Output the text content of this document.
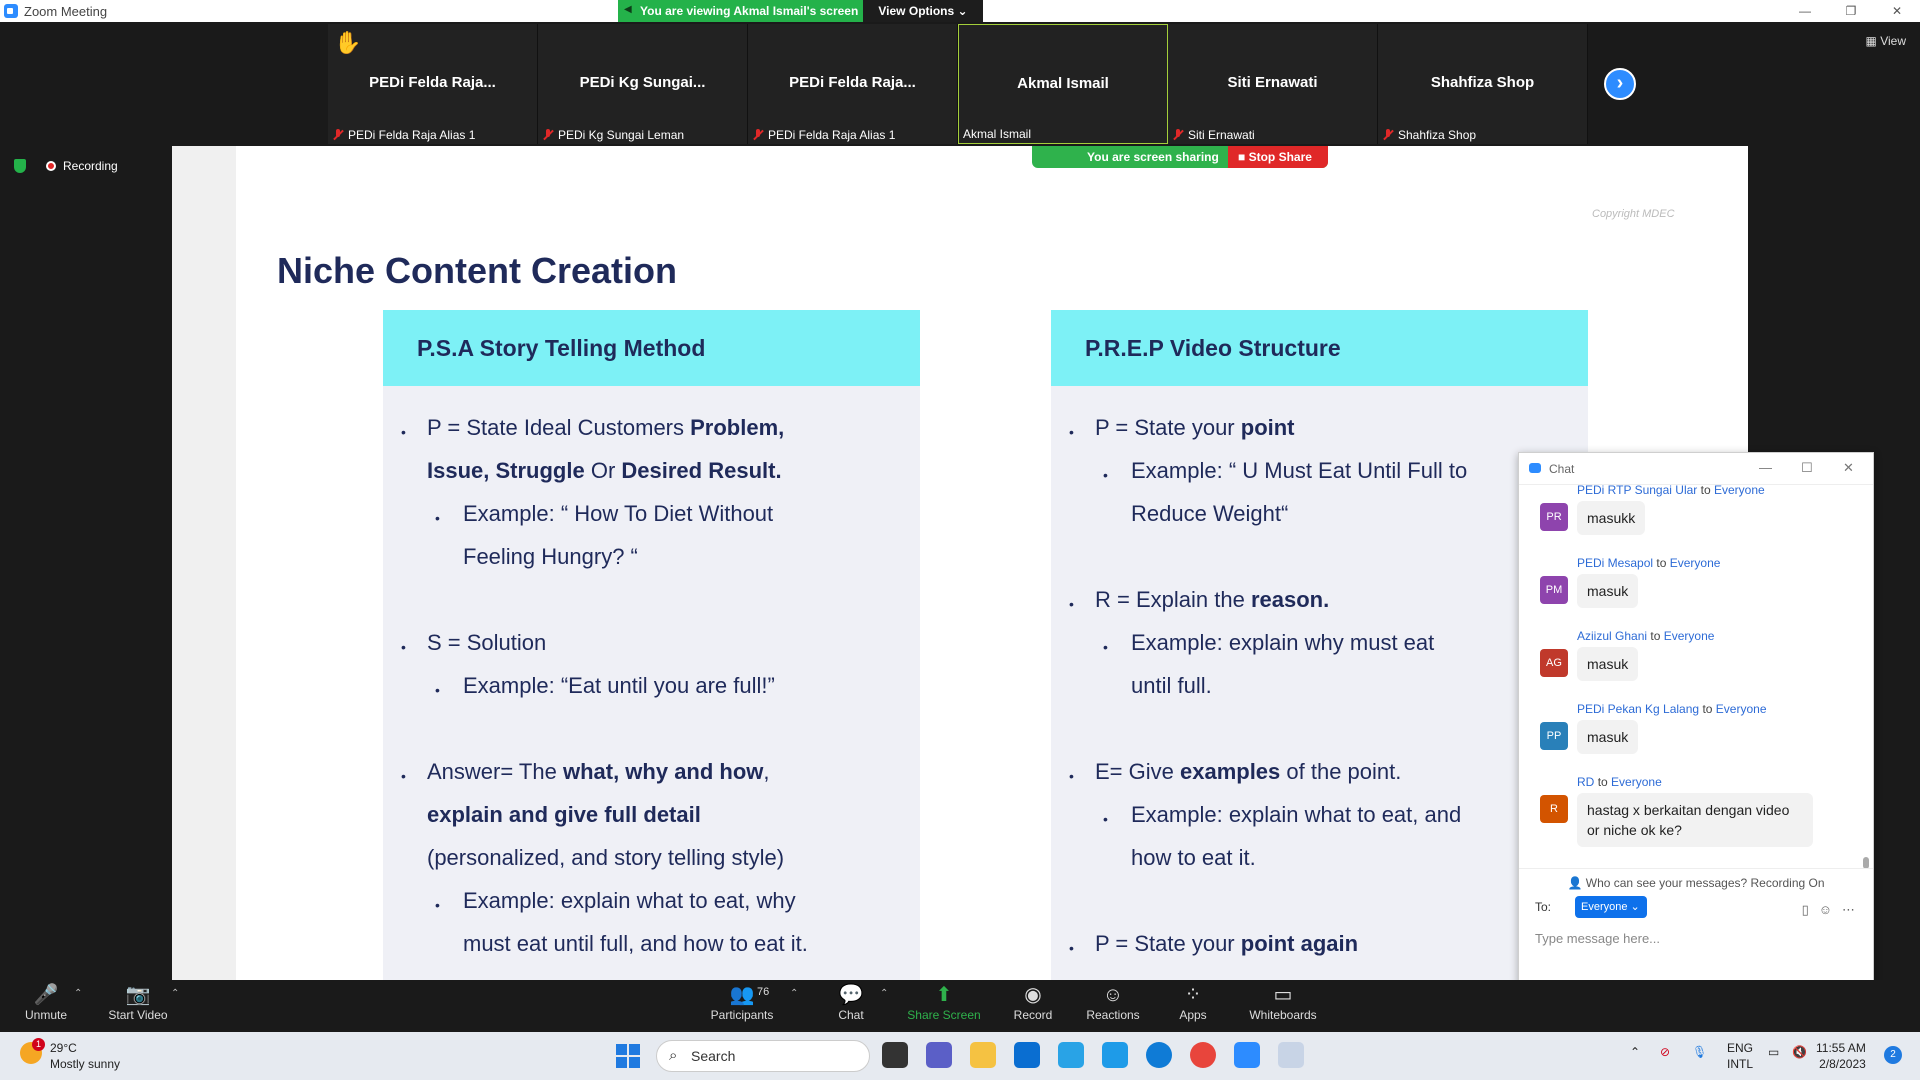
Zoom Meeting	—	❐	✕
◀ You are viewing Akmal Ismail's screen	View Options ⌄
✋
PEDi Felda Raja...
PEDi Felda Raja Alias 1
PEDi Kg Sungai...
PEDi Kg Sungai Leman
PEDi Felda Raja...
PEDi Felda Raja Alias 1
Akmal Ismail
Akmal Ismail
Siti Ernawati
Siti Ernawati
Shahfiza Shop
Shahfiza Shop
›
▦ View
Recording
You are screen sharing	■ Stop Share
Copyright MDEC
Niche Content Creation
P.S.A Story Telling Method
• P = State Ideal Customers Problem,
Issue, Struggle Or Desired Result.
• Example: “ How To Diet Without
Feeling Hungry? “
• S = Solution
• Example: “Eat until you are full!”
• Answer= The what, why and how,
explain and give full detail
(personalized, and story telling style)
• Example: explain what to eat, why
must eat until full, and how to eat it.
P.R.E.P Video Structure
• P = State your point
• Example: “ U Must Eat Until Full to
Reduce Weight“
• R = Explain the reason.
• Example: explain why must eat
until full.
• E= Give examples of the point.
• Example: explain what to eat, and
how to eat it.
• P = State your point again
Chat	— ☐ ✕
PEDi RTP Sungai Ular to Everyone
PR	masukk
PEDi Mesapol to Everyone
PM	masuk
Aziizul Ghani to Everyone
AG	masuk
PEDi Pekan Kg Lalang to Everyone
PP	masuk
RD to Everyone
R	hastag x berkaitan dengan video or niche ok ke?
👤 Who can see your messages? Recording On
To:	Everyone ⌄	▯ ☺ ⋯
Type message here...
🎤
Unmute
⌃	📷
Start Video
⌃	👥
Participants
76 ⌃	💬
Chat
⌃	⬆
Share Screen
◉
Record
☺
Reactions
⁘
Apps
▭
Whiteboards
1 29°C
Mostly sunny	⌕ Search	⌃ ⊘ 🎙 ENG
INTL
▭ 🔇 11:55 AM
2/8/2023
2
